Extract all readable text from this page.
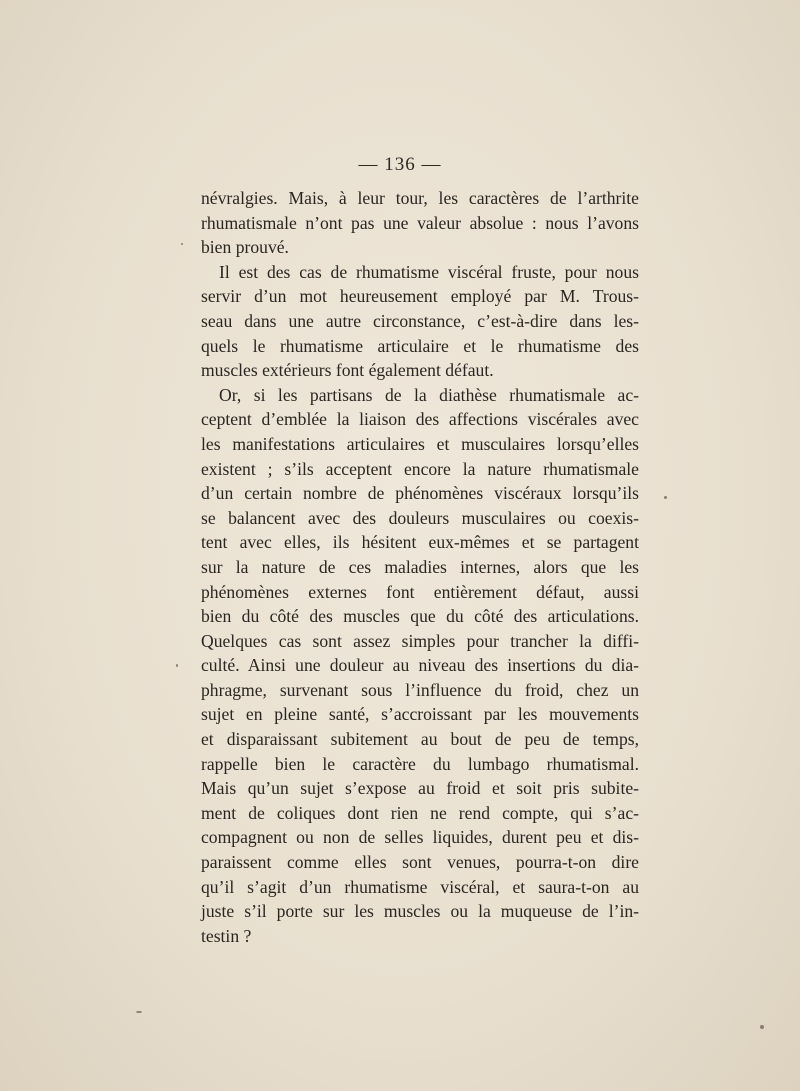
— 136 —
névralgies. Mais, à leur tour, les caractères de l’arthrite
rhumatismale n’ont pas une valeur absolue : nous l’avons
bien prouvé.
Il est des cas de rhumatisme viscéral fruste, pour nous
servir d’un mot heureusement employé par M. Trous-
seau dans une autre circonstance, c’est-à-dire dans les-
quels le rhumatisme articulaire et le rhumatisme des
muscles extérieurs font également défaut.
Or, si les partisans de la diathèse rhumatismale ac-
ceptent d’emblée la liaison des affections viscérales avec
les manifestations articulaires et musculaires lorsqu’elles
existent ; s’ils acceptent encore la nature rhumatismale
d’un certain nombre de phénomènes viscéraux lorsqu’ils
se balancent avec des douleurs musculaires ou coexis-
tent avec elles, ils hésitent eux-mêmes et se partagent
sur la nature de ces maladies internes, alors que les
phénomènes externes font entièrement défaut, aussi
bien du côté des muscles que du côté des articulations.
Quelques cas sont assez simples pour trancher la diffi-
culté. Ainsi une douleur au niveau des insertions du dia-
phragme, survenant sous l’influence du froid, chez un
sujet en pleine santé, s’accroissant par les mouvements
et disparaissant subitement au bout de peu de temps,
rappelle bien le caractère du lumbago rhumatismal.
Mais qu’un sujet s’expose au froid et soit pris subite-
ment de coliques dont rien ne rend compte, qui s’ac-
compagnent ou non de selles liquides, durent peu et dis-
paraissent comme elles sont venues, pourra-t-on dire
qu’il s’agit d’un rhumatisme viscéral, et saura-t-on au
juste s’il porte sur les muscles ou la muqueuse de l’in-
testin ?
